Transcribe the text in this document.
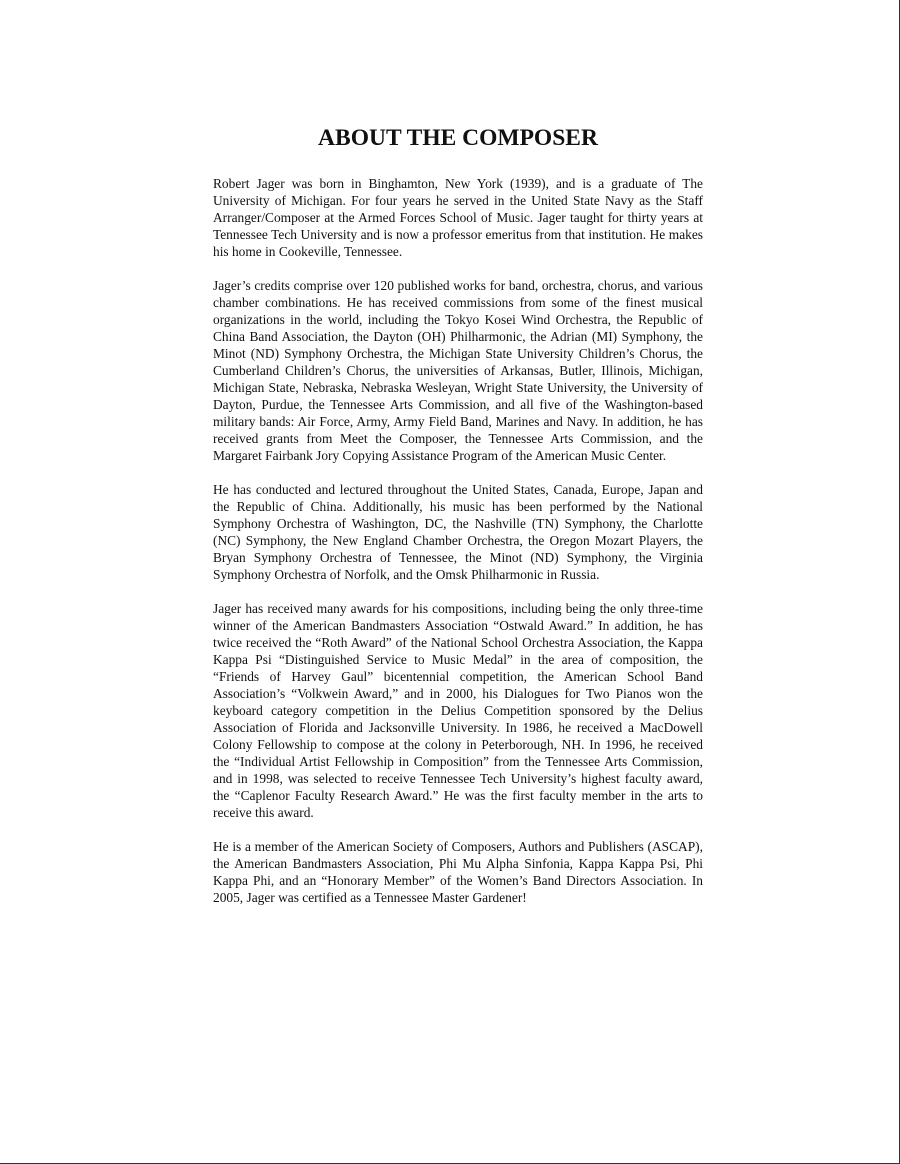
ABOUT THE COMPOSER

Robert Jager was born in Binghamton, New York (1939), and is a graduate of The University of Michigan. For four years he served in the United State Navy as the Staff Arranger/Composer at the Armed Forces School of Music. Jager taught for thirty years at Tennessee Tech University and is now a professor emeritus from that institution. He makes his home in Cookeville, Tennessee.

Jager’s credits comprise over 120 published works for band, orchestra, chorus, and various chamber combinations. He has received commissions from some of the finest musical organizations in the world, including the Tokyo Kosei Wind Orchestra, the Republic of China Band Association, the Dayton (OH) Philharmonic, the Adrian (MI) Symphony, the Minot (ND) Symphony Orchestra, the Michigan State University Children’s Chorus, the Cumberland Children’s Chorus, the universities of Arkansas, Butler, Illinois, Michigan, Michigan State, Nebraska, Nebraska Wesleyan, Wright State University, the University of Dayton, Purdue, the Tennessee Arts Commission, and all five of the Washington-based military bands: Air Force, Army, Army Field Band, Marines and Navy. In addition, he has received grants from Meet the Composer, the Tennessee Arts Commission, and the Margaret Fairbank Jory Copying Assistance Program of the American Music Center.

He has conducted and lectured throughout the United States, Canada, Europe, Japan and the Republic of China. Additionally, his music has been performed by the National Symphony Orchestra of Washington, DC, the Nashville (TN) Symphony, the Charlotte (NC) Symphony, the New England Chamber Orchestra, the Oregon Mozart Players, the Bryan Symphony Orchestra of Tennessee, the Minot (ND) Symphony, the Virginia Symphony Orchestra of Norfolk, and the Omsk Philharmonic in Russia.

Jager has received many awards for his compositions, including being the only three-time winner of the American Bandmasters Association “Ostwald Award.” In addition, he has twice received the “Roth Award” of the National School Orchestra Association, the Kappa Kappa Psi “Distinguished Service to Music Medal” in the area of composition, the “Friends of Harvey Gaul” bicentennial competition, the American School Band Association’s “Volkwein Award,” and in 2000, his Dialogues for Two Pianos won the keyboard category competition in the Delius Competition sponsored by the Delius Association of Florida and Jacksonville University. In 1986, he received a MacDowell Colony Fellowship to compose at the colony in Peterborough, NH. In 1996, he received the “Individual Artist Fellowship in Composition” from the Tennessee Arts Commission, and in 1998, was selected to receive Tennessee Tech University’s highest faculty award, the “Caplenor Faculty Research Award.” He was the first faculty member in the arts to receive this award.

He is a member of the American Society of Composers, Authors and Publishers (ASCAP), the American Bandmasters Association, Phi Mu Alpha Sinfonia, Kappa Kappa Psi, Phi Kappa Phi, and an “Honorary Member” of the Women’s Band Directors Association. In 2005, Jager was certified as a Tennessee Master Gardener!
